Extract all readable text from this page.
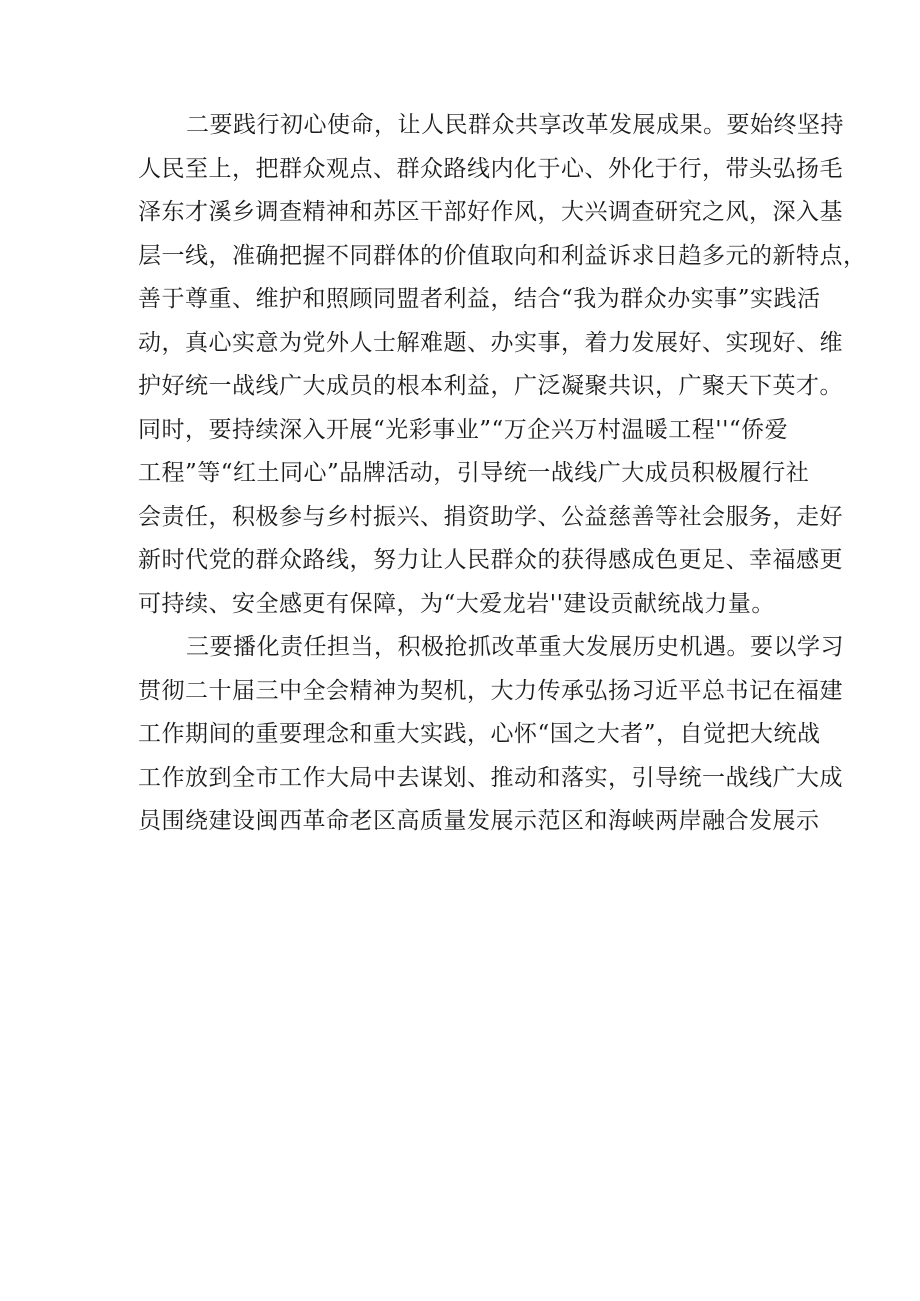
二要践行初心使命，让人民群众共享改革发展成果。要始终坚持
人民至上，把群众观点、群众路线内化于心、外化于行，带头弘扬毛
泽东才溪乡调查精神和苏区干部好作风，大兴调查研究之风，深入基
层一线，准确把握不同群体的价值取向和利益诉求日趋多元的新特点，
善于尊重、维护和照顾同盟者利益，结合“我为群众办实事”实践活
动，真心实意为党外人士解难题、办实事，着力发展好、实现好、维
护好统一战线广大成员的根本利益，广泛凝聚共识，广聚天下英才。
同时，要持续深入开展“光彩事业”“万企兴万村温暖工程''“侨爱
工程”等“红土同心”品牌活动，引导统一战线广大成员积极履行社
会责任，积极参与乡村振兴、捐资助学、公益慈善等社会服务，走好
新时代党的群众路线，努力让人民群众的获得感成色更足、幸福感更
可持续、安全感更有保障，为“大爱龙岩''建设贡献统战力量。
三要播化责任担当，积极抢抓改革重大发展历史机遇。要以学习
贯彻二十届三中全会精神为契机，大力传承弘扬习近平总书记在福建
工作期间的重要理念和重大实践，心怀“国之大者”，自觉把大统战
工作放到全市工作大局中去谋划、推动和落实，引导统一战线广大成
员围绕建设闽西革命老区高质量发展示范区和海峡两岸融合发展示
